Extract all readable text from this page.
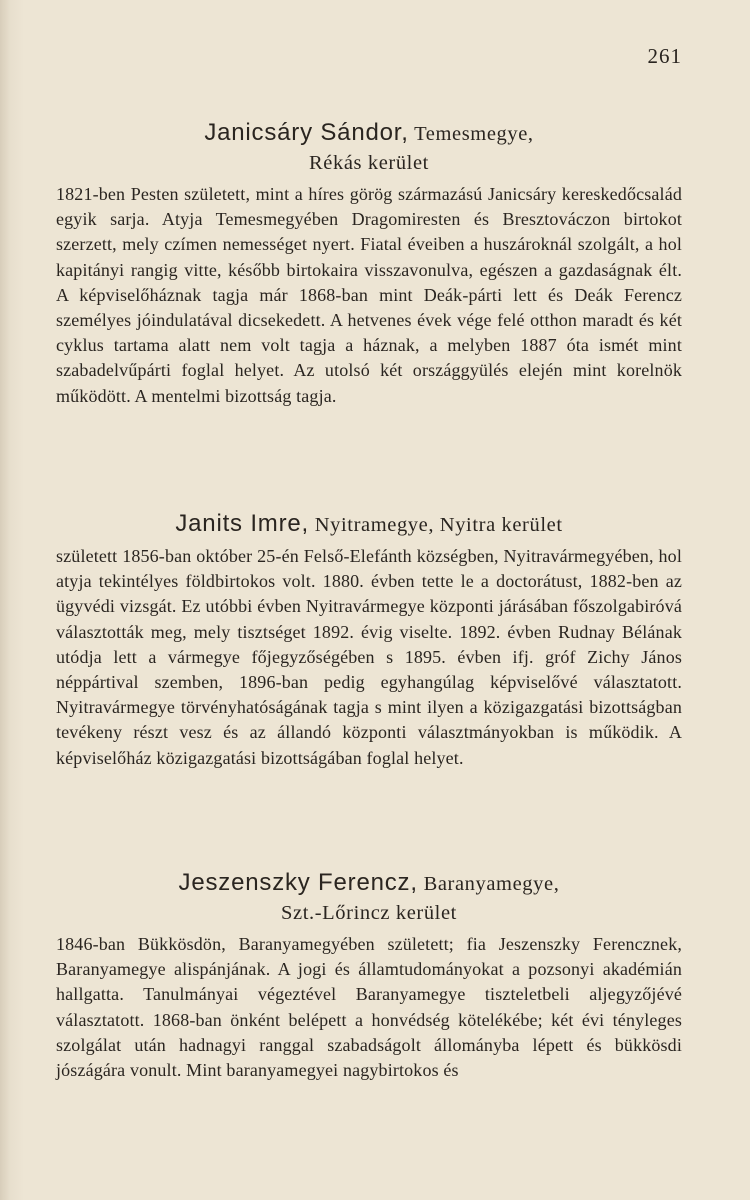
261
Janicsáry Sándor, Temesmegye,
Rékás kerület

1821-ben Pesten született, mint a híres görög származású Janicsáry kereskedőcsalád egyik sarja. Atyja Temesmegyében Dragomiresten és Bresztováczon birtokot szerzett, mely czímen nemességet nyert. Fiatal éveiben a huszároknál szolgált, a hol kapitányi rangig vitte, később birtokaira visszavonulva, egészen a gazdaságnak élt. A képviselőháznak tagja már 1868-ban mint Deák-párti lett és Deák Ferencz személyes jóindulatával dicsekedett. A hetvenes évek vége felé otthon maradt és két cyklus tartama alatt nem volt tagja a háznak, a melyben 1887 óta ismét mint szabadelvűpárti foglal helyet. Az utolsó két országgyülés elején mint korelnök működött. A mentelmi bizottság tagja.

Janits Imre, Nyitramegye, Nyitra kerület

született 1856-ban október 25-én Felső-Elefánth községben, Nyitravármegyében, hol atyja tekintélyes földbirtokos volt. 1880. évben tette le a doctorátust, 1882-ben az ügyvédi vizsgát. Ez utóbbi évben Nyitravármegye központi járásában főszolgabiróvá választották meg, mely tisztséget 1892. évig viselte. 1892. évben Rudnay Bélának utódja lett a vármegye főjegyzőségében s 1895. évben ifj. gróf Zichy János néppártival szemben, 1896-ban pedig egyhangúlag képviselővé választatott. Nyitravármegye törvényhatóságának tagja s mint ilyen a közigazgatási bizottságban tevékeny részt vesz és az állandó központi választmányokban is működik. A képviselőház közigazgatási bizottságában foglal helyet.

Jeszenszky Ferencz, Baranyamegye,
Szt.-Lőrincz kerület

1846-ban Bükkösdön, Baranyamegyében született; fia Jeszenszky Ferencznek, Baranyamegye alispánjának. A jogi és államtudományokat a pozsonyi akadémián hallgatta. Tanulmányai végeztével Baranyamegye tiszteletbeli aljegyzőjévé választatott. 1868-ban önként belépett a honvédség kötelékébe; két évi tényleges szolgálat után hadnagyi ranggal szabadságolt állományba lépett és bükkösdi jószágára vonult. Mint baranyamegyei nagybirtokos és
